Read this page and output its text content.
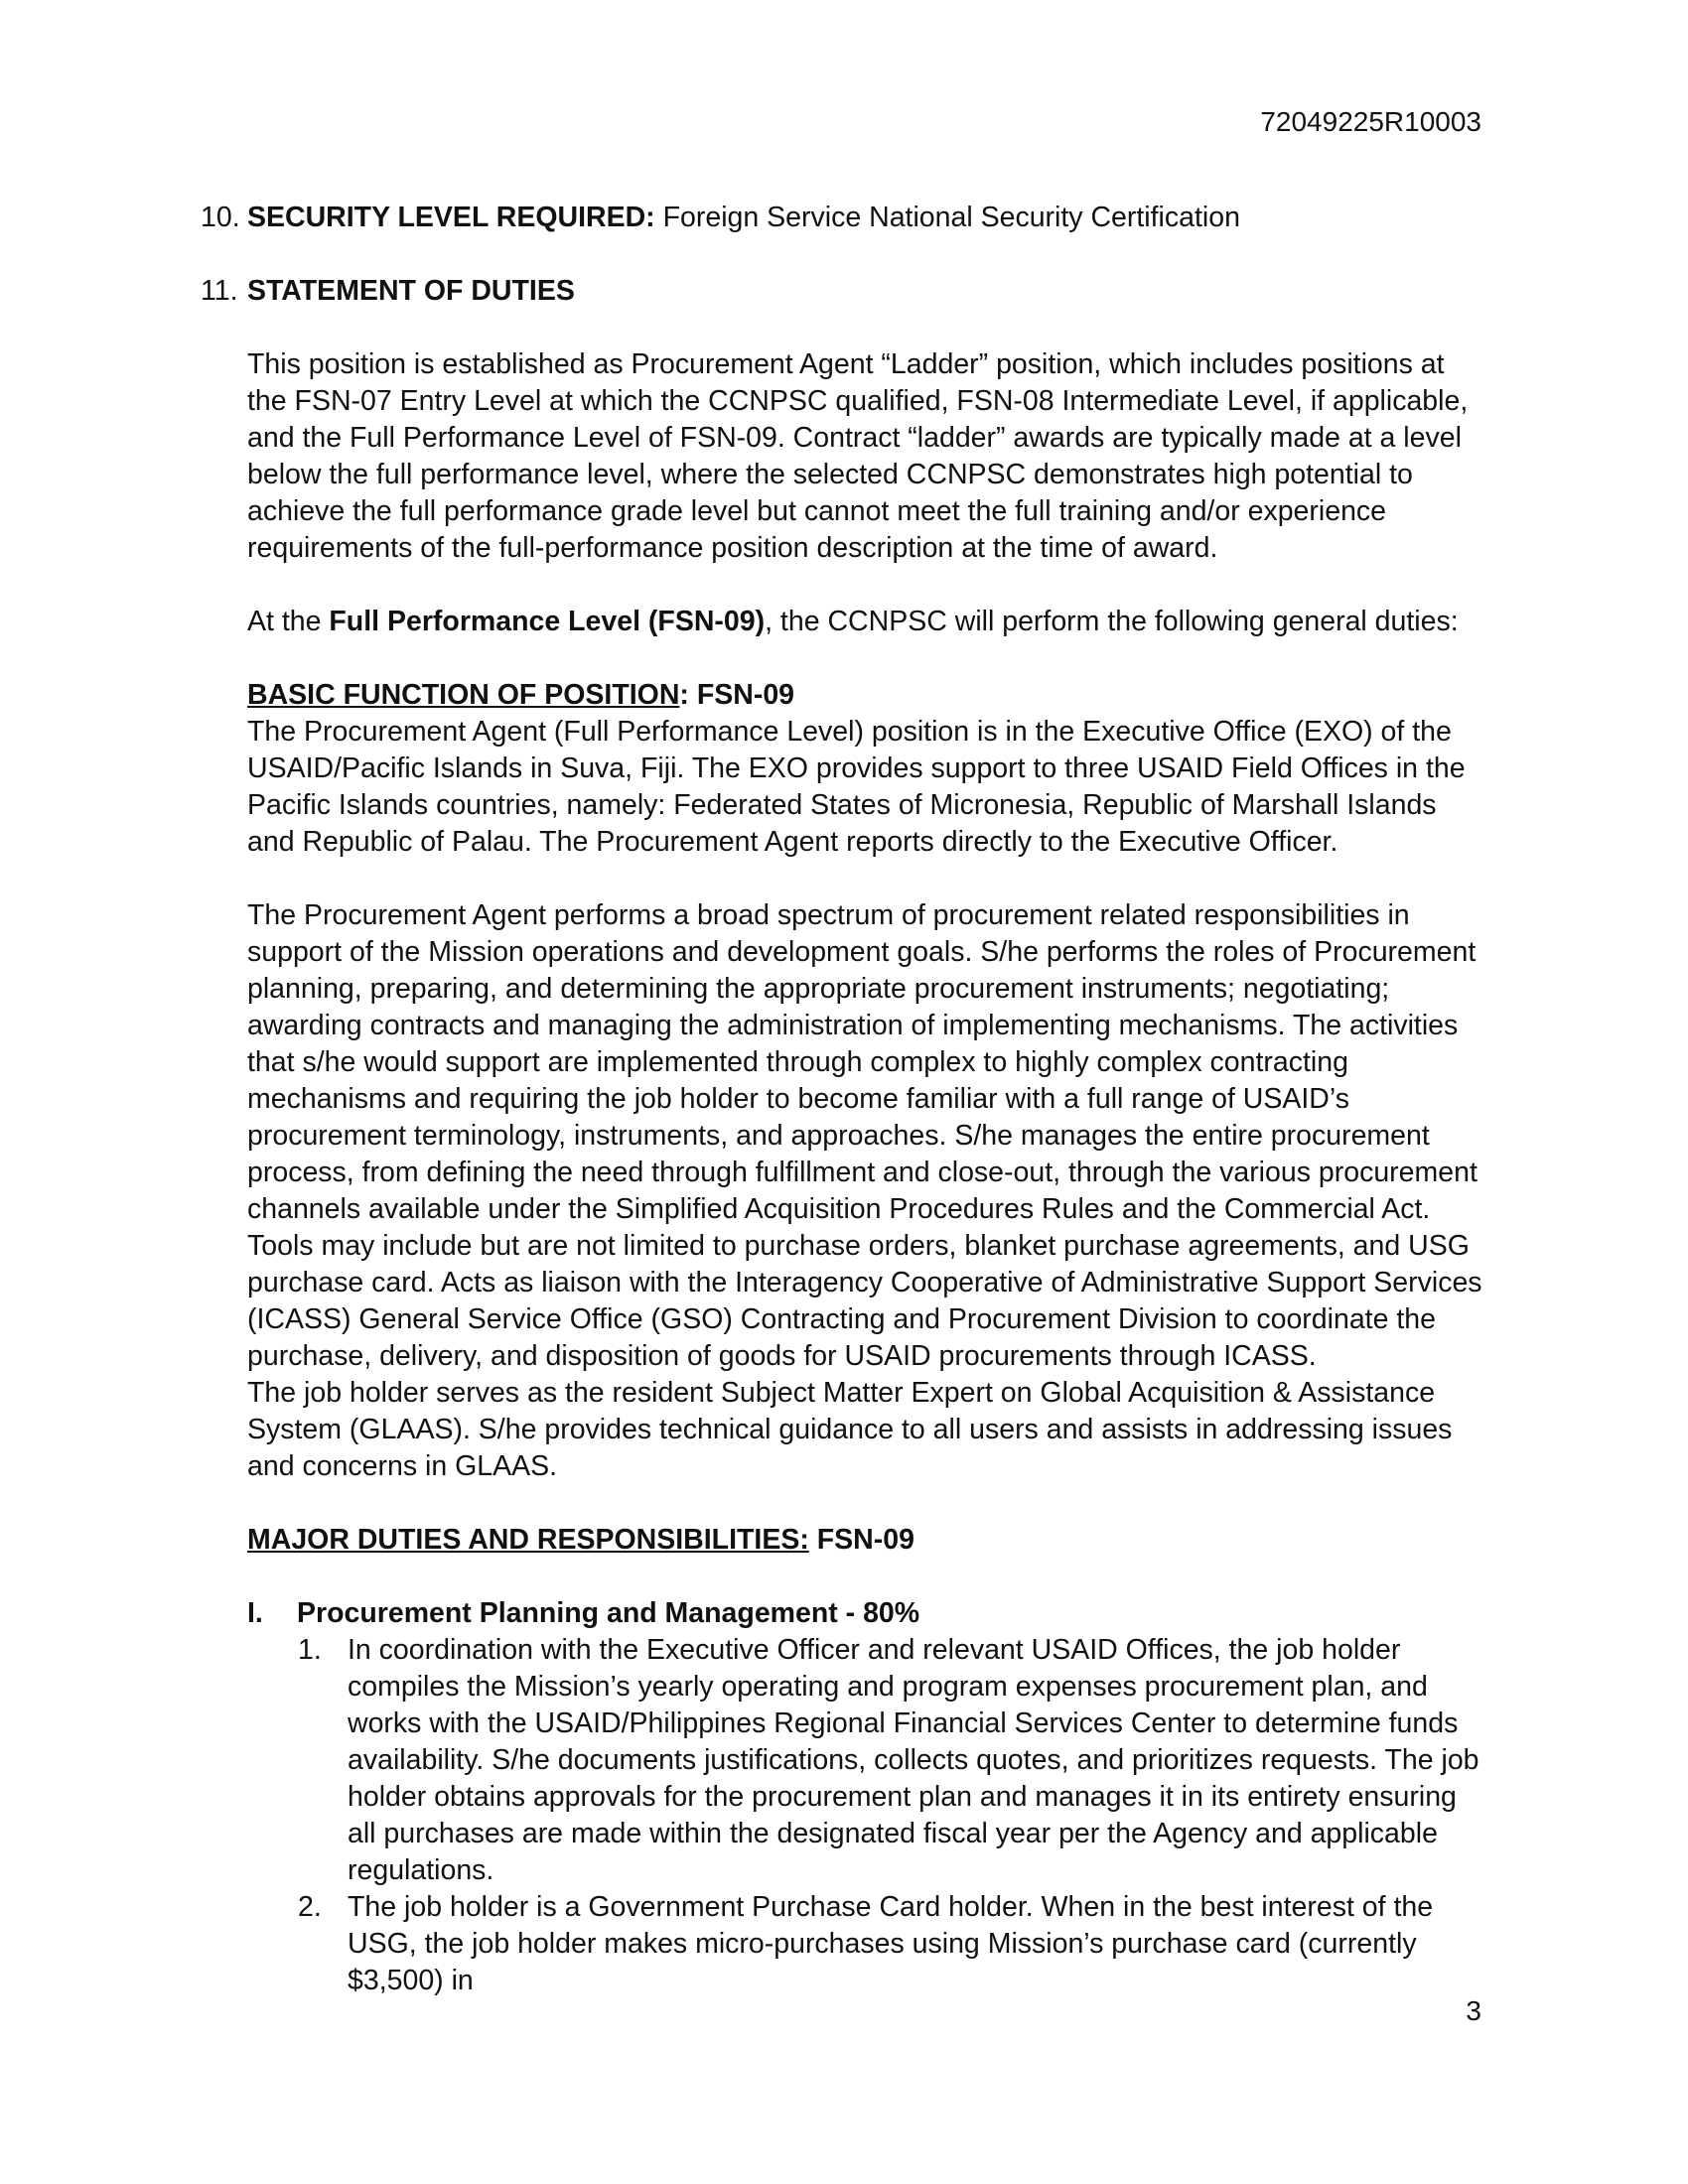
72049225R10003
10. SECURITY LEVEL REQUIRED: Foreign Service National Security Certification
11. STATEMENT OF DUTIES

This position is established as Procurement Agent “Ladder” position, which includes positions at the FSN-07 Entry Level at which the CCNPSC qualified, FSN-08 Intermediate Level, if applicable, and the Full Performance Level of FSN-09. Contract “ladder” awards are typically made at a level below the full performance level, where the selected CCNPSC demonstrates high potential to achieve the full performance grade level but cannot meet the full training and/or experience requirements of the full-performance position description at the time of award.

At the Full Performance Level (FSN-09), the CCNPSC will perform the following general duties:

BASIC FUNCTION OF POSITION: FSN-09

The Procurement Agent (Full Performance Level) position is in the Executive Office (EXO) of the USAID/Pacific Islands in Suva, Fiji. The EXO provides support to three USAID Field Offices in the Pacific Islands countries, namely: Federated States of Micronesia, Republic of Marshall Islands and Republic of Palau. The Procurement Agent reports directly to the Executive Officer.

The Procurement Agent performs a broad spectrum of procurement related responsibilities in support of the Mission operations and development goals. S/he performs the roles of Procurement planning, preparing, and determining the appropriate procurement instruments; negotiating; awarding contracts and managing the administration of implementing mechanisms. The activities that s/he would support are implemented through complex to highly complex contracting mechanisms and requiring the job holder to become familiar with a full range of USAID’s procurement terminology, instruments, and approaches. S/he manages the entire procurement process, from defining the need through fulfillment and close-out, through the various procurement channels available under the Simplified Acquisition Procedures Rules and the Commercial Act. Tools may include but are not limited to purchase orders, blanket purchase agreements, and USG purchase card. Acts as liaison with the Interagency Cooperative of Administrative Support Services (ICASS) General Service Office (GSO) Contracting and Procurement Division to coordinate the purchase, delivery, and disposition of goods for USAID procurements through ICASS.

The job holder serves as the resident Subject Matter Expert on Global Acquisition & Assistance System (GLAAS). S/he provides technical guidance to all users and assists in addressing issues and concerns in GLAAS.

MAJOR DUTIES AND RESPONSIBILITIES: FSN-09

I. Procurement Planning and Management - 80%
1. In coordination with the Executive Officer and relevant USAID Offices, the job holder compiles the Mission’s yearly operating and program expenses procurement plan, and works with the USAID/Philippines Regional Financial Services Center to determine funds availability. S/he documents justifications, collects quotes, and prioritizes requests. The job holder obtains approvals for the procurement plan and manages it in its entirety ensuring all purchases are made within the designated fiscal year per the Agency and applicable regulations.
2. The job holder is a Government Purchase Card holder. When in the best interest of the USG, the job holder makes micro-purchases using Mission’s purchase card (currently $3,500) in
3
